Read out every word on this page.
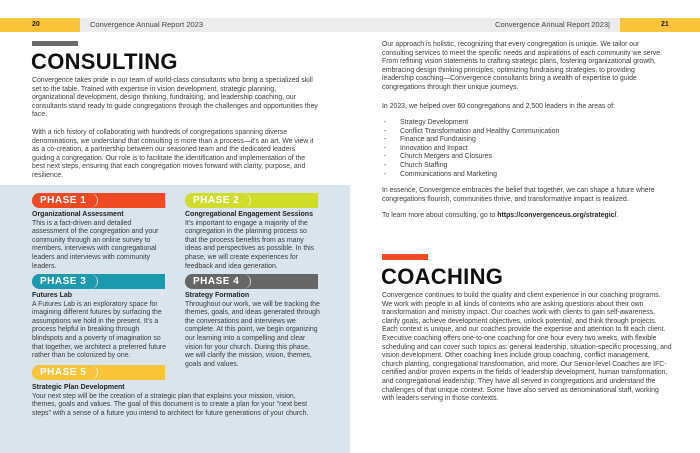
20	Convergence Annual Report 2023
CONSULTING

Convergence takes pride in our team of world-class consultants who bring a specialized skill set to the table. Trained with expertise in vision development, strategic planning, organizational development, design thinking, fundraising, and leadership coaching, our consultants stand ready to guide congregations through the challenges and opportunities they face.

With a rich history of collaborating with hundreds of congregations spanning diverse denominations, we understand that consulting is more than a process—it's an art. We view it as a co-creation, a partnership between our seasoned team and the dedicated leaders guiding a congregation. Our role is to facilitate the identification and implementation of the best next steps, ensuring that each congregation moves forward with clarity, purpose, and resilience.

PHASE 1
Organizational Assessment
This is a fact-driven and detailed assessment of the congregation and your community through an online survey to members, interviews with congregational leaders and interviews with community leaders.
PHASE 2
Congregational Engagement Sessions
It's important to engage a majority of the congregation in the planning process so that the process benefits from as many ideas and perspectives as possible. In this phase, we will create experiences for feedback and idea generation.
PHASE 3
Futures Lab
A Futures Lab is an exploratory space for imagining different futures by surfacing the assumptions we hold in the present. It's a process helpful in breaking through blindspots and a poverty of imagination so that together, we architect a preferred future rather than be colonized by one.
PHASE 4
Strategy Formation
Throughout our work, we will be tracking the themes, goals, and ideas generated through the conversations and interviews we complete. At this point, we begin organizing our learning into a compelling and clear vision for your church. During this phase, we will clarify the mission, vision, themes, goals and values.
PHASE 5
Strategic Plan Development
Your next step will be the creation of a strategic plan that explains your mission, vision, themes, goals and values. The goal of this document is to create a plan for your "next best steps" with a sense of a future you intend to architect for future generations of your church.
Convergence Annual Report 2023|	21

Our approach is holistic, recognizing that every congregation is unique. We tailor our consulting services to meet the specific needs and aspirations of each community we serve. From refining vision statements to crafting strategic plans, fostering organizational growth, embracing design thinking principles, optimizing fundraising strategies, to providing leadership coaching—Convergence consultants bring a wealth of expertise to guide congregations through their unique journeys.

In 2023, we helped over 60 congregations and 2,500 leaders in the areas of:

- Strategy Development
- Conflict Transformation and Healthy Communication
- Finance and Fundraising
- Innovation and Impact
- Church Mergers and Closures
- Church Staffing
- Communications and Marketing

In essence, Convergence embraces the belief that together, we can shape a future where congregations flourish, communities thrive, and transformative impact is realized.

To learn more about consulting, go to https://convergenceus.org/strategic/.

COACHING

Convergence continues to build the quality and client experience in our coaching programs. We work with people in all kinds of contexts who are asking questions about their own transformation and ministry impact. Our coaches work with clients to gain self-awareness, clarify goals, achieve development objectives, unlock potential, and think through projects. Each context is unique, and our coaches provide the expertise and attention to fit each client. Executive coaching offers one-to-one coaching for one hour every two weeks, with flexible scheduling and can cover such topics as: general leadership, situation-specific processing, and vision development. Other coaching lines include group coaching, conflict management, church planting, congregational transformation, and more. Our Senior-level Coaches are IFC-certified and/or proven experts in the fields of leadership development, human transformation, and congregational leadership. They have all served in congregations and understand the challenges of that unique context. Some have also served as denominational staff, working with leaders serving in those contexts.
